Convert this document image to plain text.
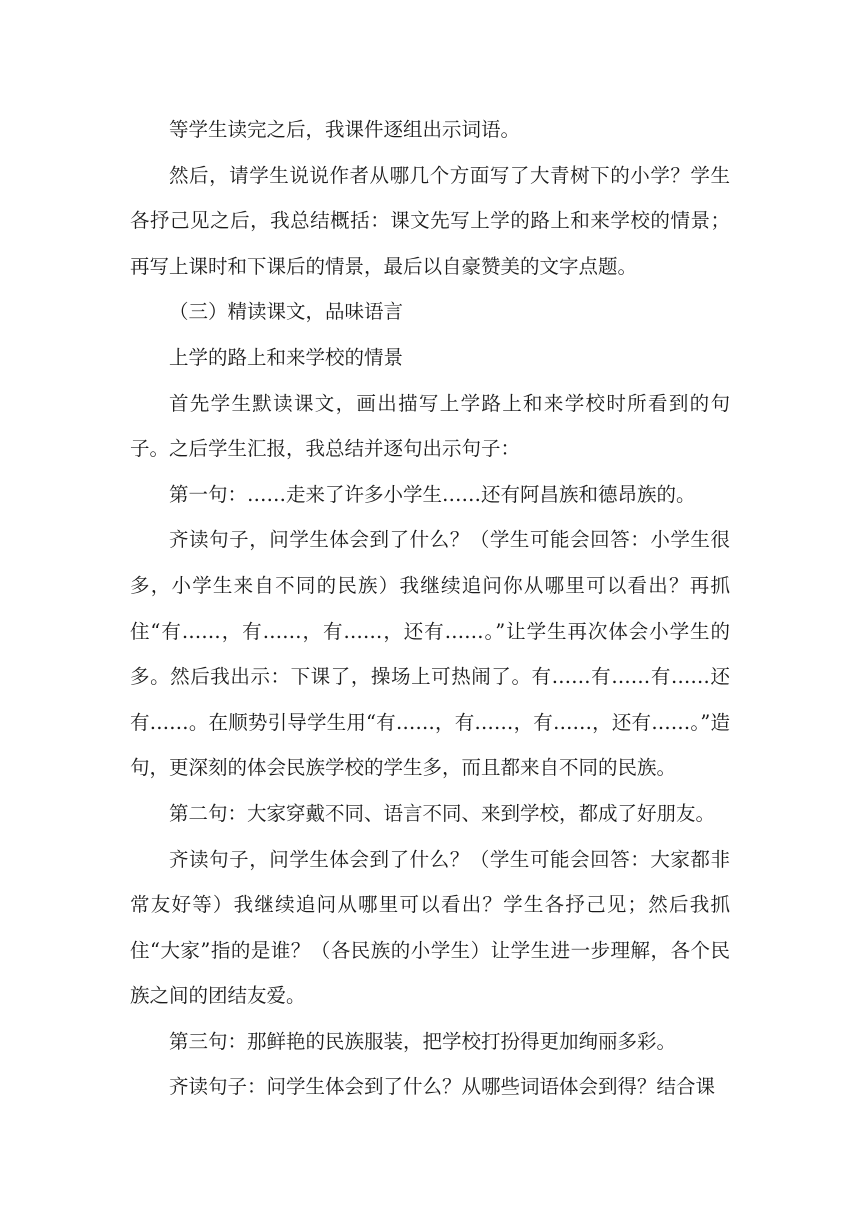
等学生读完之后，我课件逐组出示词语。

然后，请学生说说作者从哪几个方面写了大青树下的小学？学生各抒己见之后，我总结概括：课文先写上学的路上和来学校的情景；再写上课时和下课后的情景，最后以自豪赞美的文字点题。

（三）精读课文，品味语言

上学的路上和来学校的情景

首先学生默读课文，画出描写上学路上和来学校时所看到的句子。之后学生汇报，我总结并逐句出示句子：

第一句：……走来了许多小学生……还有阿昌族和德昂族的。

齐读句子，问学生体会到了什么？（学生可能会回答：小学生很多，小学生来自不同的民族）我继续追问你从哪里可以看出？再抓住“有……，有……，有……，还有……。”让学生再次体会小学生的多。然后我出示：下课了，操场上可热闹了。有……有……有……还有……。在顺势引导学生用“有……，有……，有……，还有……。”造句，更深刻的体会民族学校的学生多，而且都来自不同的民族。

第二句：大家穿戴不同、语言不同、来到学校，都成了好朋友。

齐读句子，问学生体会到了什么？（学生可能会回答：大家都非常友好等）我继续追问从哪里可以看出？学生各抒己见；然后我抓住“大家”指的是谁？（各民族的小学生）让学生进一步理解，各个民族之间的团结友爱。

第三句：那鲜艳的民族服装，把学校打扮得更加绚丽多彩。

齐读句子：问学生体会到了什么？从哪些词语体会到得？结合课
